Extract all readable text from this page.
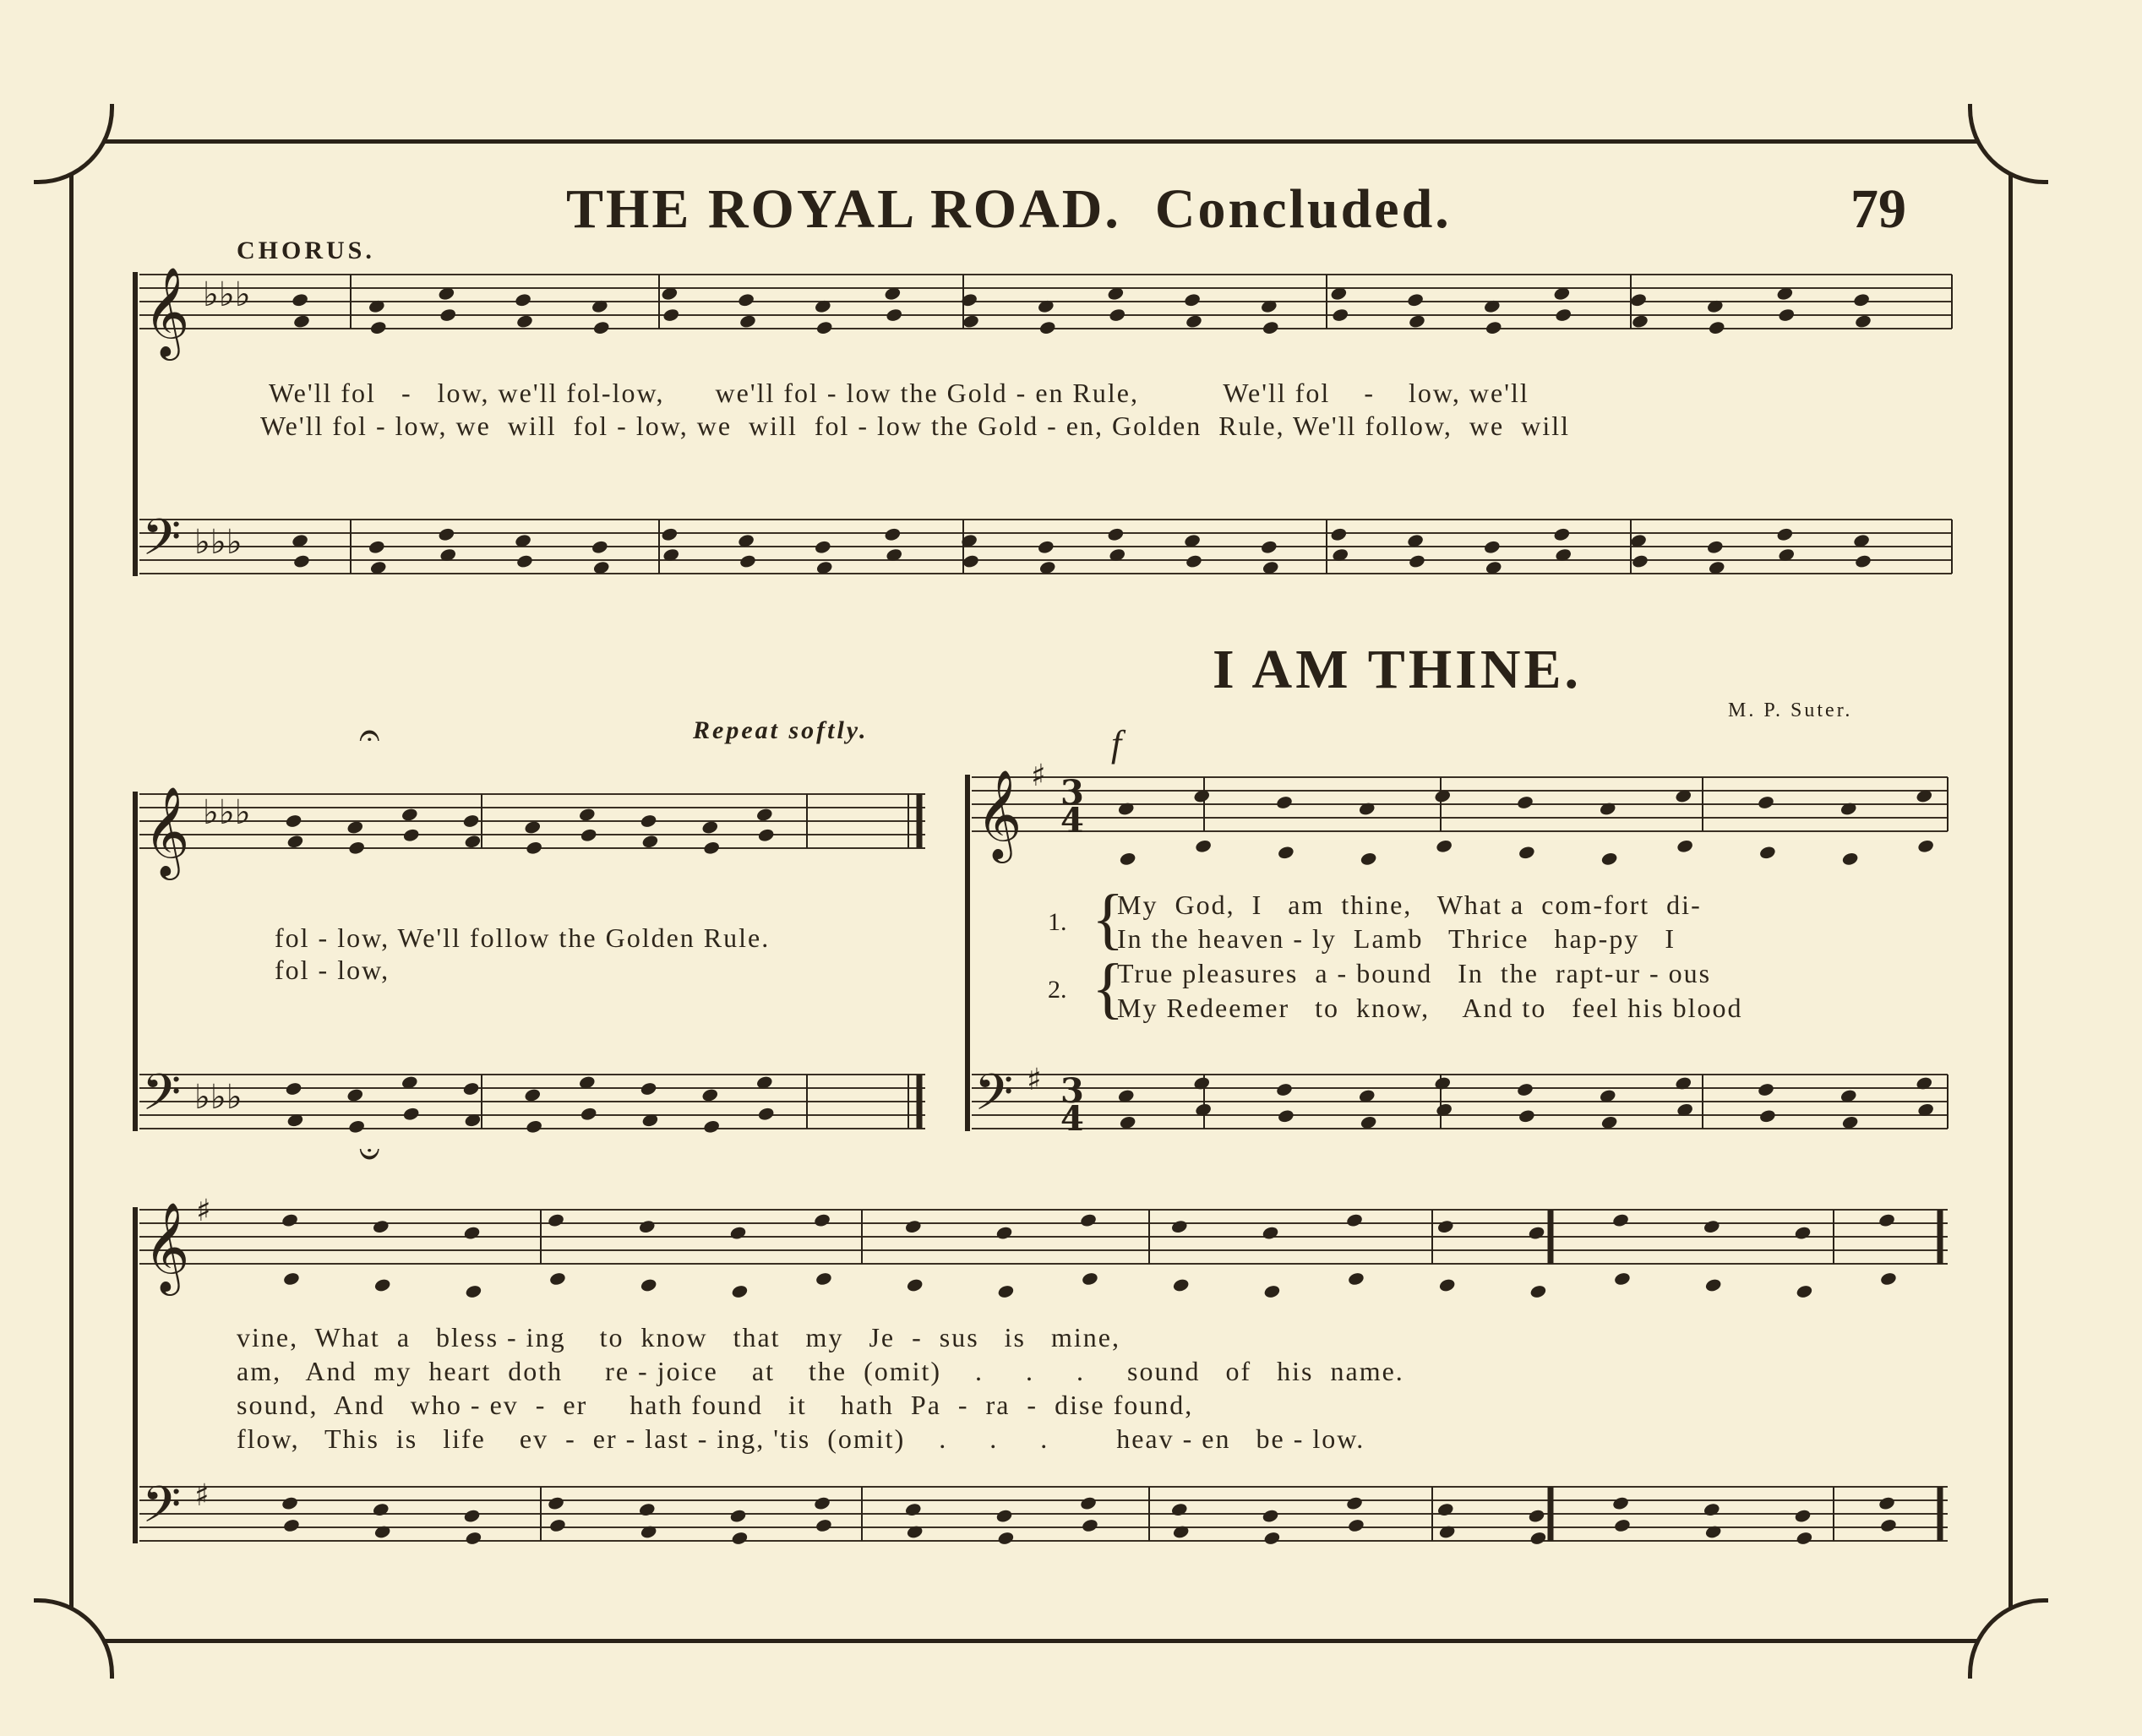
THE ROYAL ROAD. Concluded.	79
CHORUS.
Repeat softly.
I AM THINE.
M. P. Suter.
f
𝄞
𝄢
𝄞
𝄢
𝄞
𝄢
𝄞
𝄢
♭♭♭
♭♭♭
♭♭♭
♭♭♭
♯
♯
♯
♯
3
4
3
4
𝄐
𝄑
We'll fol   -   low, we'll fol-low,      we'll fol - low the Gold - en Rule,          We'll fol    -    low, we'll
We'll fol - low, we  will  fol - low, we  will  fol - low the Gold - en, Golden  Rule, We'll follow,  we  will
fol - low, We'll follow the Golden Rule.
fol - low,
1.
2.
{
{
My  God,  I   am  thine,   What a  com-fort  di-
In the heaven - ly  Lamb   Thrice   hap-py   I
True pleasures  a - bound   In  the  rapt-ur - ous
My Redeemer   to  know,    And to   feel his blood
vine,  What  a   bless - ing    to  know   that   my   Je  -  sus   is   mine,
am,   And  my  heart  doth     re - joice    at    the  (omit)    .     .     .     sound   of   his  name.
sound,  And   who - ev  -  er     hath found   it    hath  Pa  -  ra  -  dise found,
flow,   This  is   life    ev  -  er - last - ing, 'tis  (omit)    .     .     .        heav - en   be - low.
